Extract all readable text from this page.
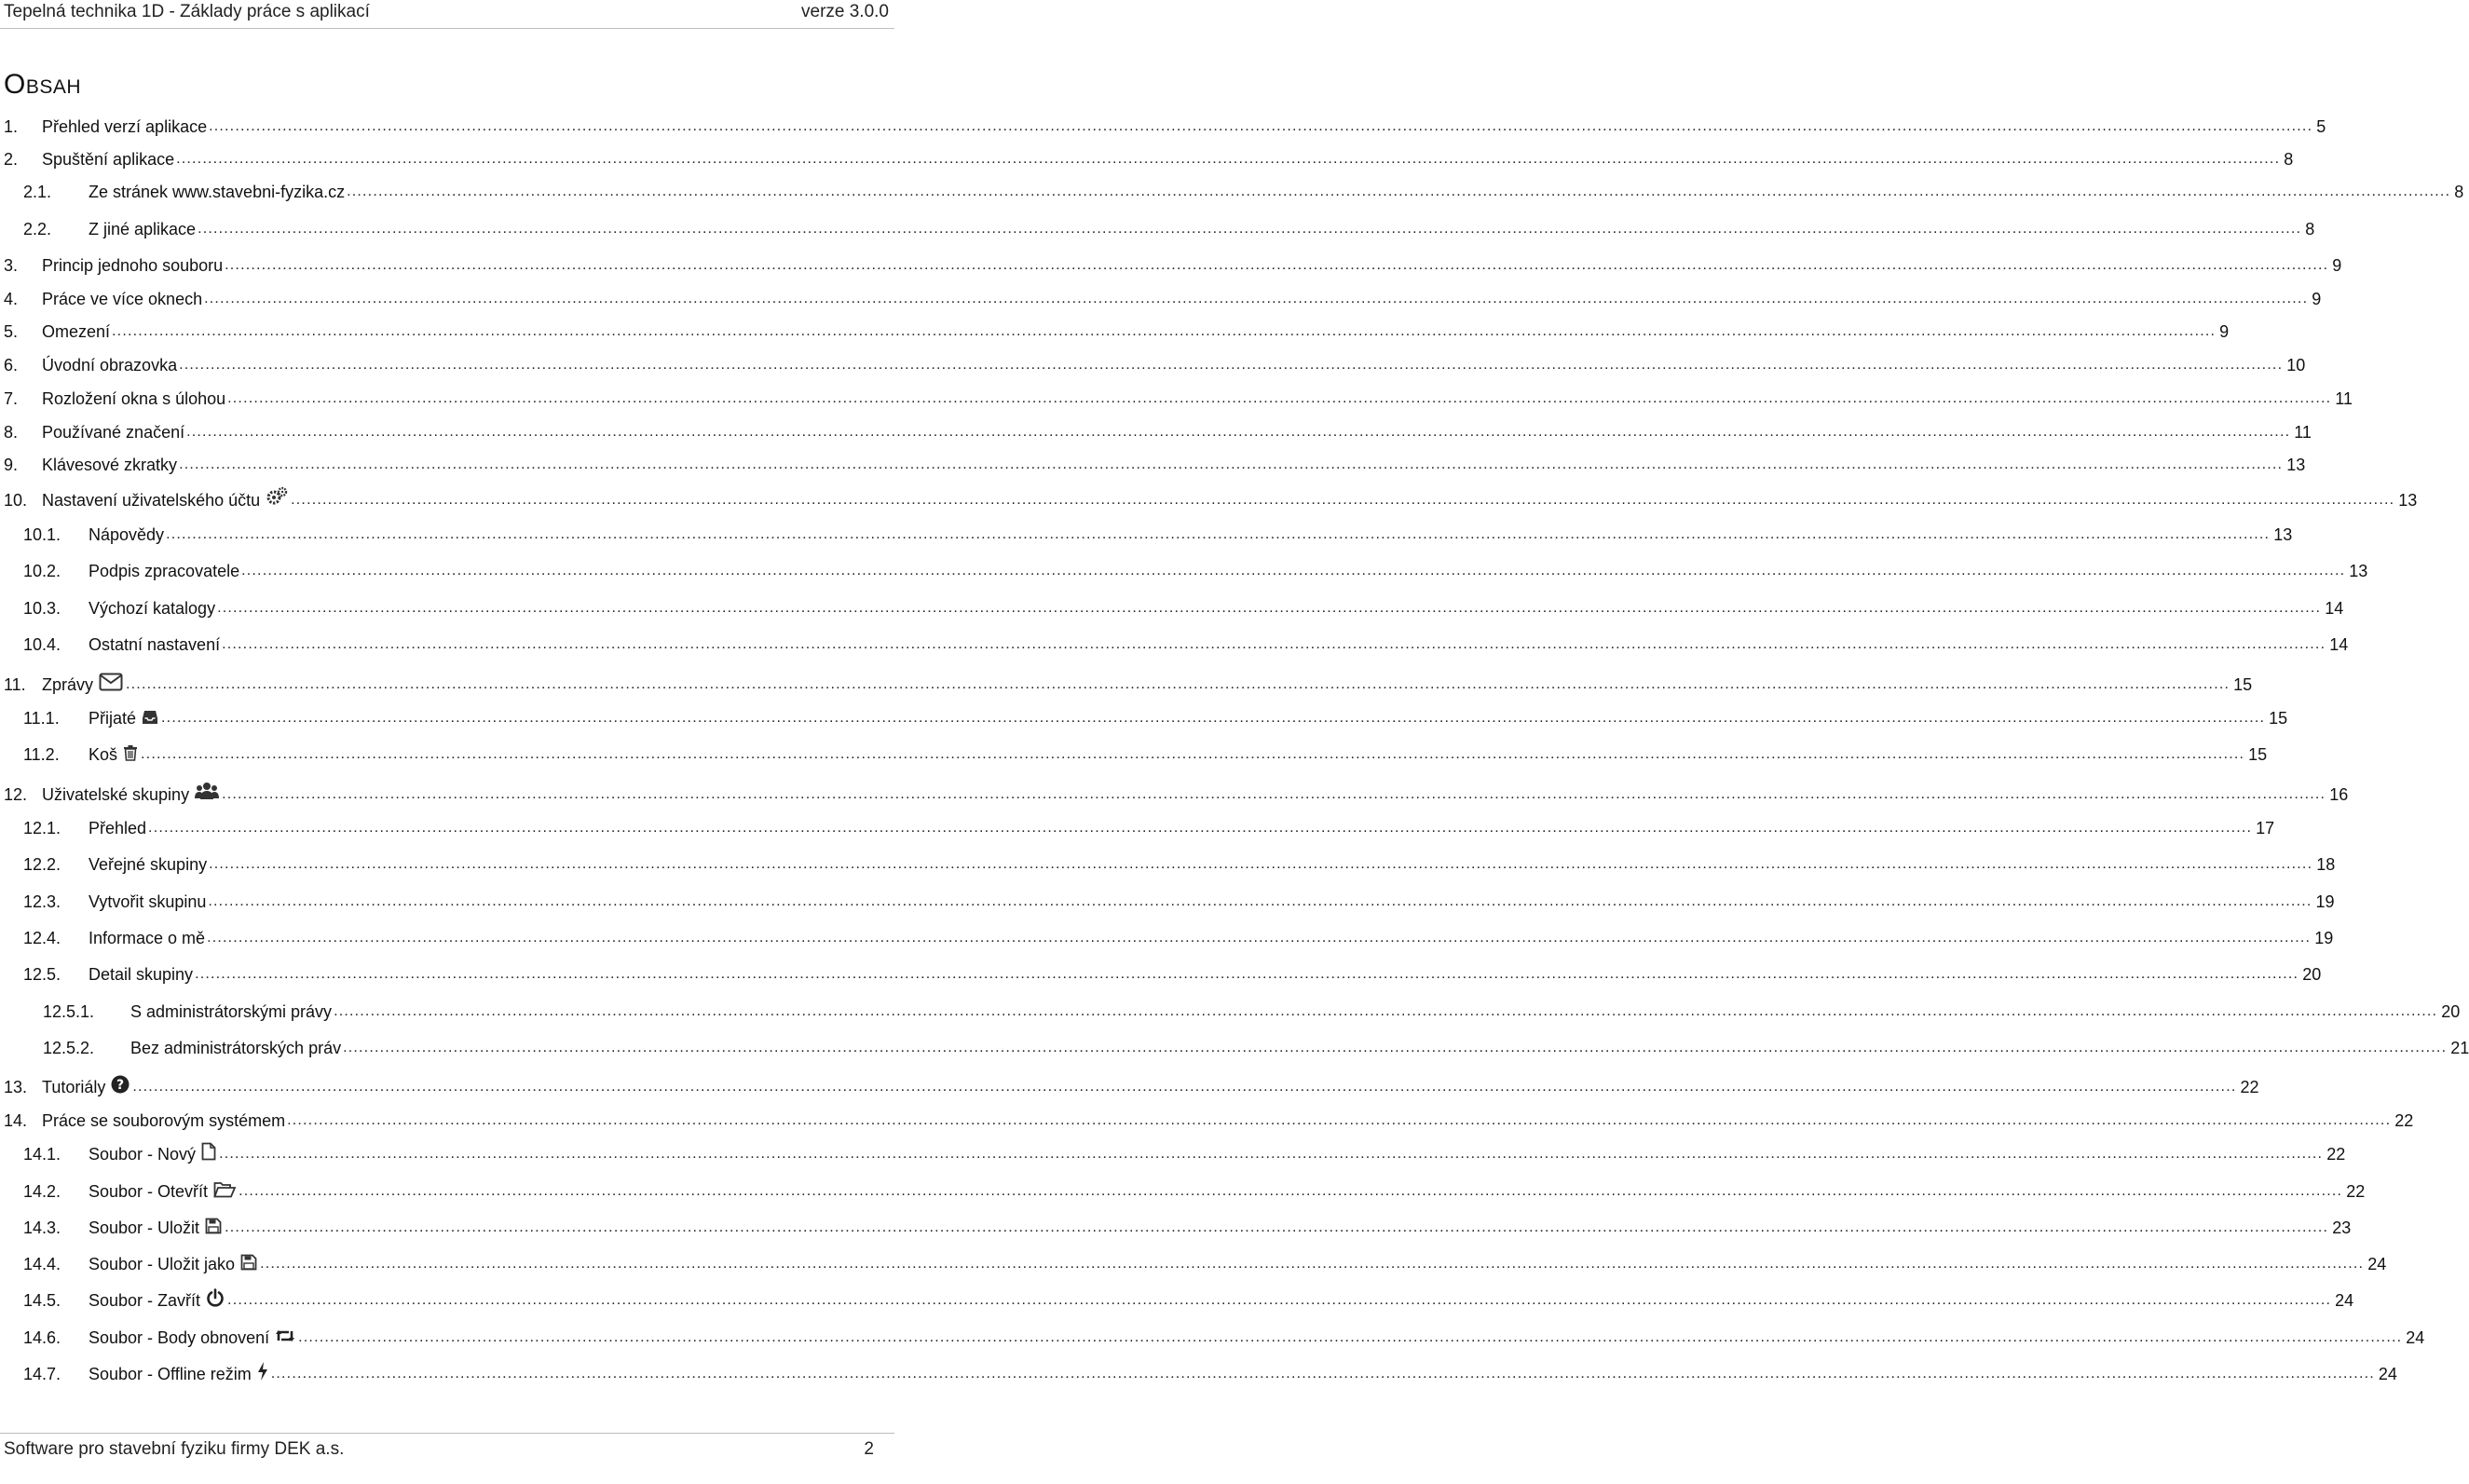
Tepelná technika 1D - Základy práce s aplikací	verze 3.0.0
Obsah
1. Přehled verzí aplikace ................................................................................................................................................................................................................................................................................................................................................................................................................ 5
2. Spuštění aplikace ................................................................................................................................................................................................................................................................................................................................................................................................................ 8
2.1. Ze stránek www.stavebni-fyzika.cz ................................................................................................................................................................................................................................................................................................................................................................................................................ 8
2.2. Z jiné aplikace ................................................................................................................................................................................................................................................................................................................................................................................................................ 8
3. Princip jednoho souboru ................................................................................................................................................................................................................................................................................................................................................................................................................ 9
4. Práce ve více oknech ................................................................................................................................................................................................................................................................................................................................................................................................................ 9
5. Omezení ................................................................................................................................................................................................................................................................................................................................................................................................................ 9
6. Úvodní obrazovka ................................................................................................................................................................................................................................................................................................................................................................................................................ 10
7. Rozložení okna s úlohou ................................................................................................................................................................................................................................................................................................................................................................................................................ 11
8. Používané značení ................................................................................................................................................................................................................................................................................................................................................................................................................ 11
9. Klávesové zkratky ................................................................................................................................................................................................................................................................................................................................................................................................................ 13
10. Nastavení uživatelského účtu ................................................................................................................................................................................................................................................................................................................................................................................................................ 13
10.1. Nápovědy ................................................................................................................................................................................................................................................................................................................................................................................................................ 13
10.2. Podpis zpracovatele ................................................................................................................................................................................................................................................................................................................................................................................................................ 13
10.3. Výchozí katalogy ................................................................................................................................................................................................................................................................................................................................................................................................................ 14
10.4. Ostatní nastavení ................................................................................................................................................................................................................................................................................................................................................................................................................ 14
11. Zprávy ................................................................................................................................................................................................................................................................................................................................................................................................................ 15
11.1. Přijaté ................................................................................................................................................................................................................................................................................................................................................................................................................ 15
11.2. Koš ................................................................................................................................................................................................................................................................................................................................................................................................................ 15
12. Uživatelské skupiny ................................................................................................................................................................................................................................................................................................................................................................................................................ 16
12.1. Přehled ................................................................................................................................................................................................................................................................................................................................................................................................................ 17
12.2. Veřejné skupiny ................................................................................................................................................................................................................................................................................................................................................................................................................ 18
12.3. Vytvořit skupinu ................................................................................................................................................................................................................................................................................................................................................................................................................ 19
12.4. Informace o mě ................................................................................................................................................................................................................................................................................................................................................................................................................ 19
12.5. Detail skupiny ................................................................................................................................................................................................................................................................................................................................................................................................................ 20
12.5.1. S administrátorskými právy ................................................................................................................................................................................................................................................................................................................................................................................................................ 20
12.5.2. Bez administrátorských práv ................................................................................................................................................................................................................................................................................................................................................................................................................ 21
13. Tutoriály ? ................................................................................................................................................................................................................................................................................................................................................................................................................ 22
14. Práce se souborovým systémem ................................................................................................................................................................................................................................................................................................................................................................................................................ 22
14.1. Soubor - Nový ................................................................................................................................................................................................................................................................................................................................................................................................................ 22
14.2. Soubor - Otevřít ................................................................................................................................................................................................................................................................................................................................................................................................................ 22
14.3. Soubor - Uložit ................................................................................................................................................................................................................................................................................................................................................................................................................ 23
14.4. Soubor - Uložit jako ................................................................................................................................................................................................................................................................................................................................................................................................................ 24
14.5. Soubor - Zavřít ................................................................................................................................................................................................................................................................................................................................................................................................................ 24
14.6. Soubor - Body obnovení ................................................................................................................................................................................................................................................................................................................................................................................................................ 24
14.7. Soubor - Offline režim ................................................................................................................................................................................................................................................................................................................................................................................................................ 24
Software pro stavební fyziku firmy DEK a.s.	2
